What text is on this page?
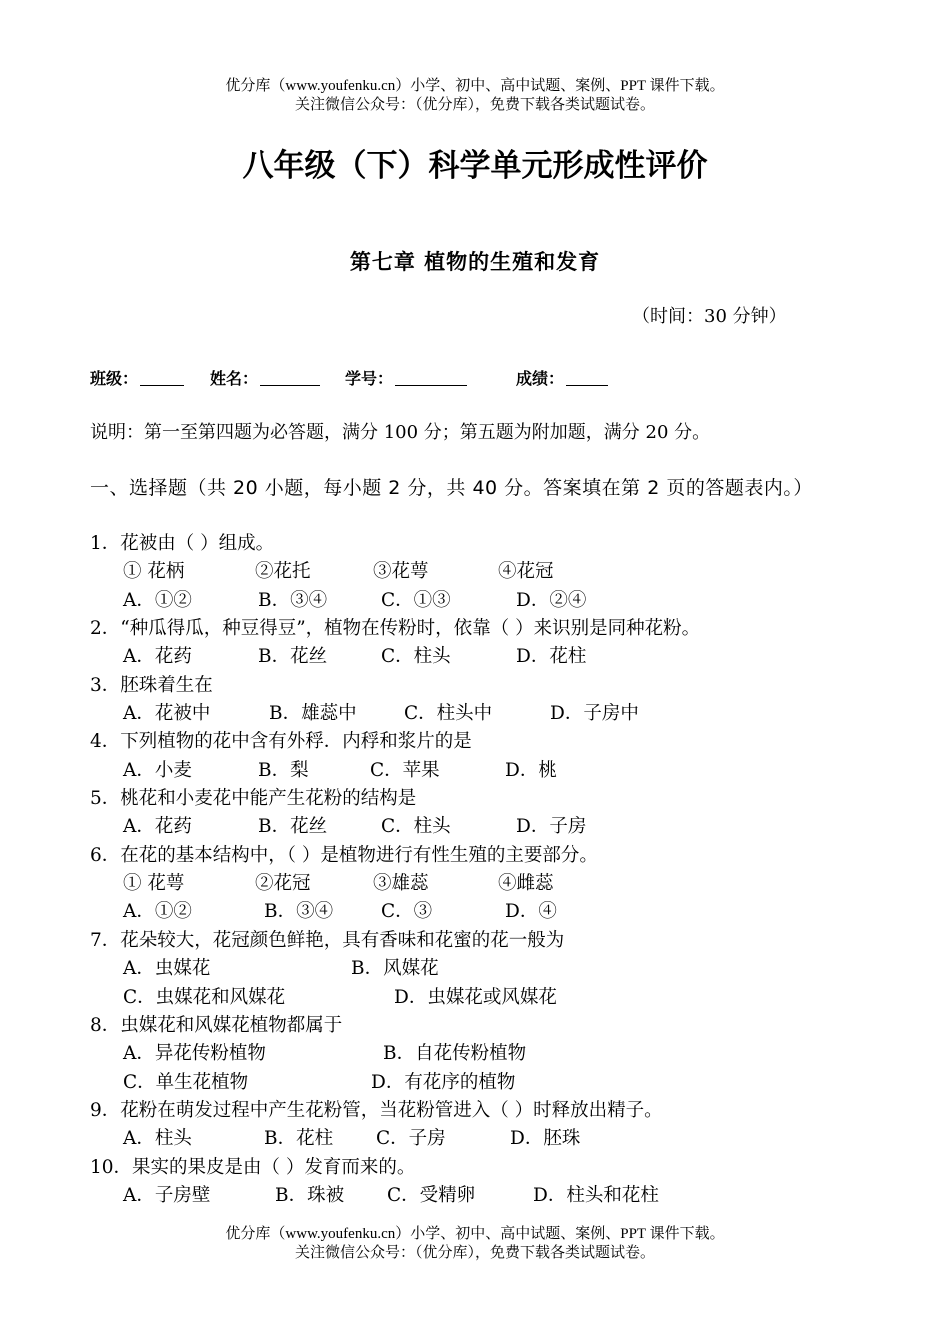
优分库（www.youfenku.cn）小学、初中、高中试题、案例、PPT 课件下载。
关注微信公众号：（优分库），免费下载各类试题试卷。
八年级（下）科学单元形成性评价
第七章 植物的生殖和发育
（时间：30 分钟）
班级：	姓名：	学号：	成绩：
说明：第一至第四题为必答题，满分 100 分；第五题为附加题，满分 20 分。
一、选择题（共 20 小题，每小题 2 分，共 40 分。答案填在第 2 页的答题表内。）
1．花被由（ ）组成。
① 花柄	②花托	③花萼	④花冠
A．①②	B．③④	C．①③	D．②④
2．“种瓜得瓜，种豆得豆”，植物在传粉时，依靠（ ）来识别是同种花粉。
A．花药	B．花丝	C．柱头	D．花柱
3．胚珠着生在
A．花被中	B．雄蕊中	C．柱头中	D．子房中
4．下列植物的花中含有外稃．内稃和浆片的是
A．小麦	B．梨	C．苹果	D．桃
5．桃花和小麦花中能产生花粉的结构是
A．花药	B．花丝	C．柱头	D．子房
6．在花的基本结构中，（ ）是植物进行有性生殖的主要部分。
① 花萼	②花冠	③雄蕊	④雌蕊
A．①②	B．③④	C．③	D．④
7．花朵较大，花冠颜色鲜艳，具有香味和花蜜的花一般为
A．虫媒花	B．风媒花
C．虫媒花和风媒花	D．虫媒花或风媒花
8．虫媒花和风媒花植物都属于
A．异花传粉植物	B．自花传粉植物
C．单生花植物	D．有花序的植物
9．花粉在萌发过程中产生花粉管，当花粉管进入（ ）时释放出精子。
A．柱头	B．花柱 C．子房	D．胚珠
10．果实的果皮是由（ ）发育而来的。
A．子房壁	B．珠被 C．受精卵	D．柱头和花柱
优分库（www.youfenku.cn）小学、初中、高中试题、案例、PPT 课件下载。
关注微信公众号：（优分库），免费下载各类试题试卷。
